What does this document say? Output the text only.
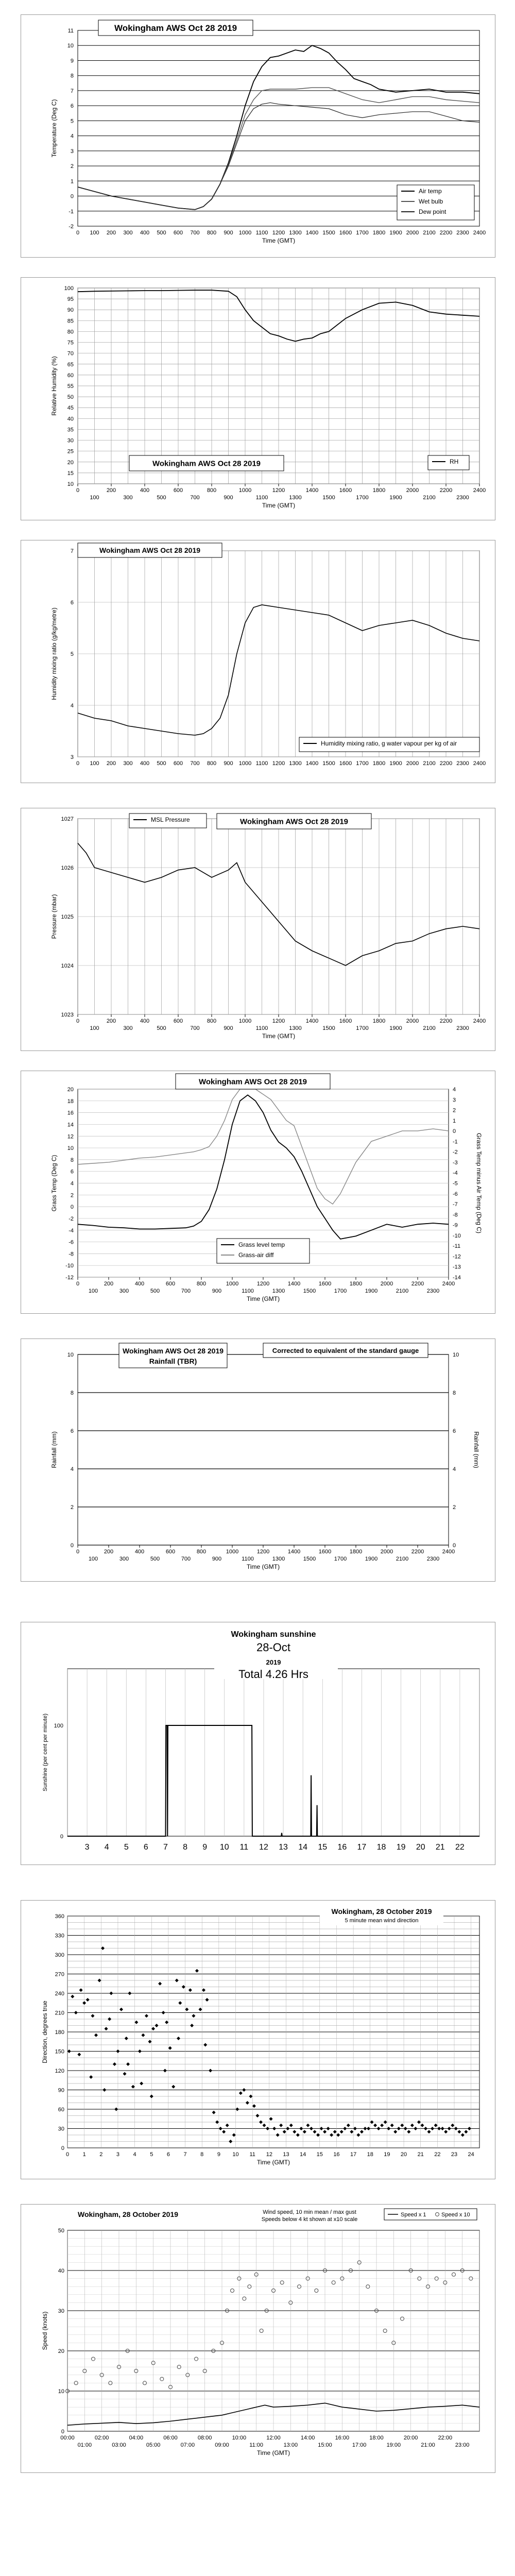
-2
-1
0
1
2
3
4
5
6
7
8
9
10
11
0 100 200 300 400 500 600 700 800 900 1000 1100 1200 1300 1400 1500 1600 1700 1800 1900 2000 2100 2200 2300 2400
Time (GMT)
Temperature (Deg C)
Wokingham AWS Oct 28 2019
Air temp
Wet bulb
Dew point
10
15
20
25
30
35
40
45
50
55
60
65
70
75
80
85
90
95
100
0	200	400	600	800	1000	1200	1400	1600	1800	2000	2200	2400
100	300	500	700	900	1100	1300	1500	1700	1900	2100	2300
Time (GMT)
Relative Humidity (%)
Wokingham AWS Oct 28 2019	RH
3
4
5
6
7
0 100 200 300 400 500 600 700 800 900 1000 1100 1200 1300 1400 1500 1600 1700 1800 1900 2000 2100 2200 2300 2400
Humidity mixing ratio (g/kg/metre)
Wokingham AWS Oct 28 2019
Humidity mixing ratio, g water vapour per kg of air
1023
1024
1025
1026
1027
0	200	400	600	800	1000	1200	1400	1600	1800	2000	2200	2400
100	300	500	700	900	1100	1300	1500	1700	1900	2100	2300
Time (GMT)
Pressure (mbar)
MSL Pressure	Wokingham AWS Oct 28 2019
-12
-10
-8
-6
-4
-2
0
2
4
6
8
10
12
14
16
18
20
0	200	400	600	800	1000	1200	1400	1600	1800	2000	2200	2400
100	300	500	700	900	1100	1300	1500	1700	1900	2100	2300
Time (GMT)
Grass Temp (Deg C)
-14
-13
-12
-11
-10
-9
-8
-7
-6
-5
-4
-3
-2
-1
0
1
2
3
4
Grass Temp minus Air Temp (Deg C)
Wokingham AWS Oct 28 2019
Grass level temp
Grass-air diff
0
2
4
6
8
10
0	200	400	600	800	1000	1200	1400	1600	1800	2000	2200	2400
100	300	500	700	900	1100	1300	1500	1700	1900	2100	2300
Time (GMT)
Rainfall (mm)
0
2
4
6
8
10
Rainfall (mm)
Wokingham AWS Oct 28 2019
Rainfall (TBR)
Corrected to equivalent of the standard gauge
3 4 5 6 7 8 9 10 11 12 13 14 15 16 17 18 19 20 21 22
0
100
Sunshine (per cent per minute)
Wokingham sunshine
28-Oct
2019
Total 4.26 Hrs
0 1 2 3 4 5 6 7 8 9 10 11 12 13 14 15 16 17 18 19 20 21 22 23 24
0
30
60
90
120
150
180
210
240
270
300
330
360
Time (GMT)
Direction, degrees true
Wokingham, 28 October 2019
5 minute mean wind direction
00:00	02:00	04:00	06:00	08:00	10:00	12:00	14:00	16:00	18:00	20:00	22:00
01:00	03:00	05:00	07:00	09:00	11:00	13:00	15:00	17:00	19:00	21:00	23:00
0
10
20
30
40
50
Time (GMT)
Speed (knots)
Wokingham, 28 October 2019	Wind speed, 10 min mean / max gust
Speeds below 4 kt shown at x10 scale
Speed x 1	Speed x 10
